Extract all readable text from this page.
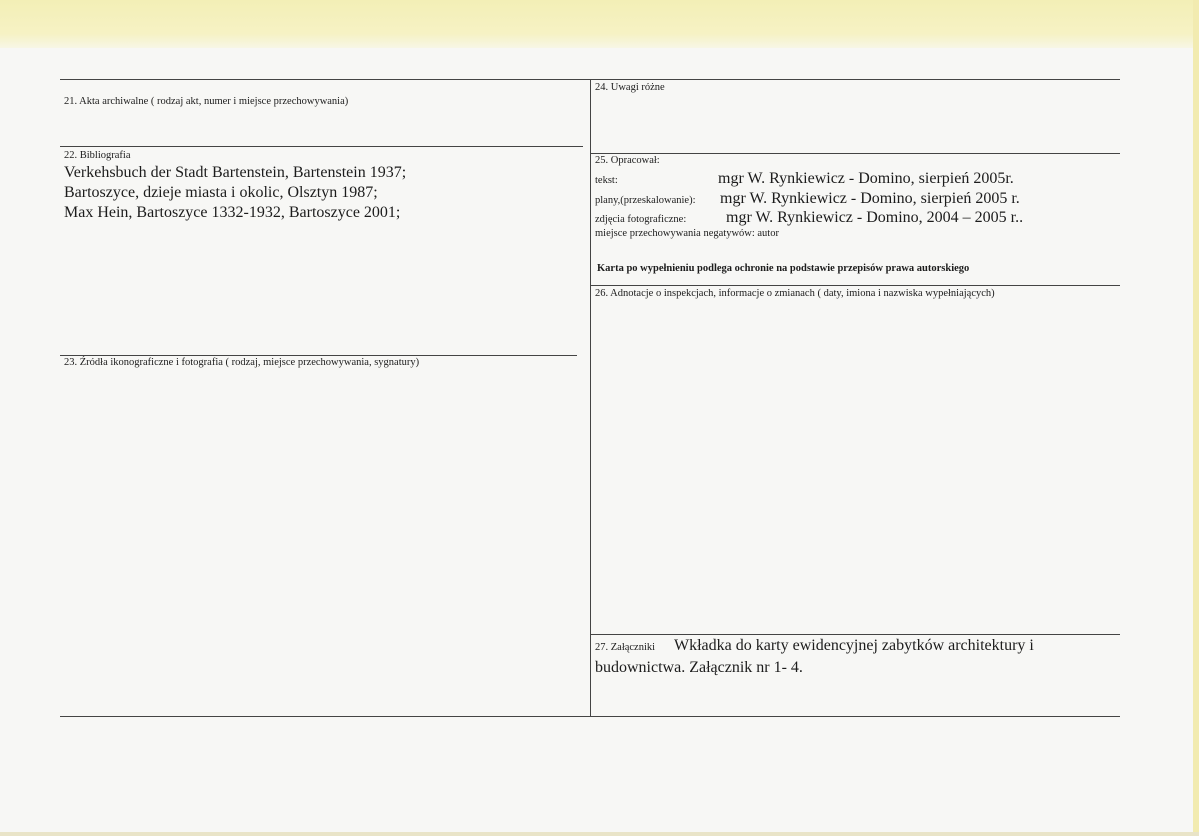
21. Akta archiwalne ( rodzaj akt, numer i miejsce przechowywania)
22. Bibliografia
Verkehsbuch der Stadt Bartenstein, Bartenstein 1937;
Bartoszyce, dzieje miasta i okolic, Olsztyn 1987;
Max Hein, Bartoszyce 1332-1932, Bartoszyce 2001;
23. Źródła ikonograficzne i fotografia ( rodzaj, miejsce przechowywania, sygnatury)
24. Uwagi różne
25. Opracował:
tekst:	mgr W. Rynkiewicz - Domino, sierpień 2005r.
plany,(przeskalowanie): mgr W. Rynkiewicz - Domino, sierpień 2005 r.
zdjęcia fotograficzne: mgr W. Rynkiewicz - Domino, 2004 – 2005 r..
miejsce przechowywania negatywów: autor
Karta po wypełnieniu podlega ochronie na podstawie przepisów prawa autorskiego
26. Adnotacje o inspekcjach, informacje o zmianach ( daty, imiona i nazwiska wypełniających)
27. Załączniki Wkładka do karty ewidencyjnej zabytków architektury i
budownictwa. Załącznik nr 1- 4.
